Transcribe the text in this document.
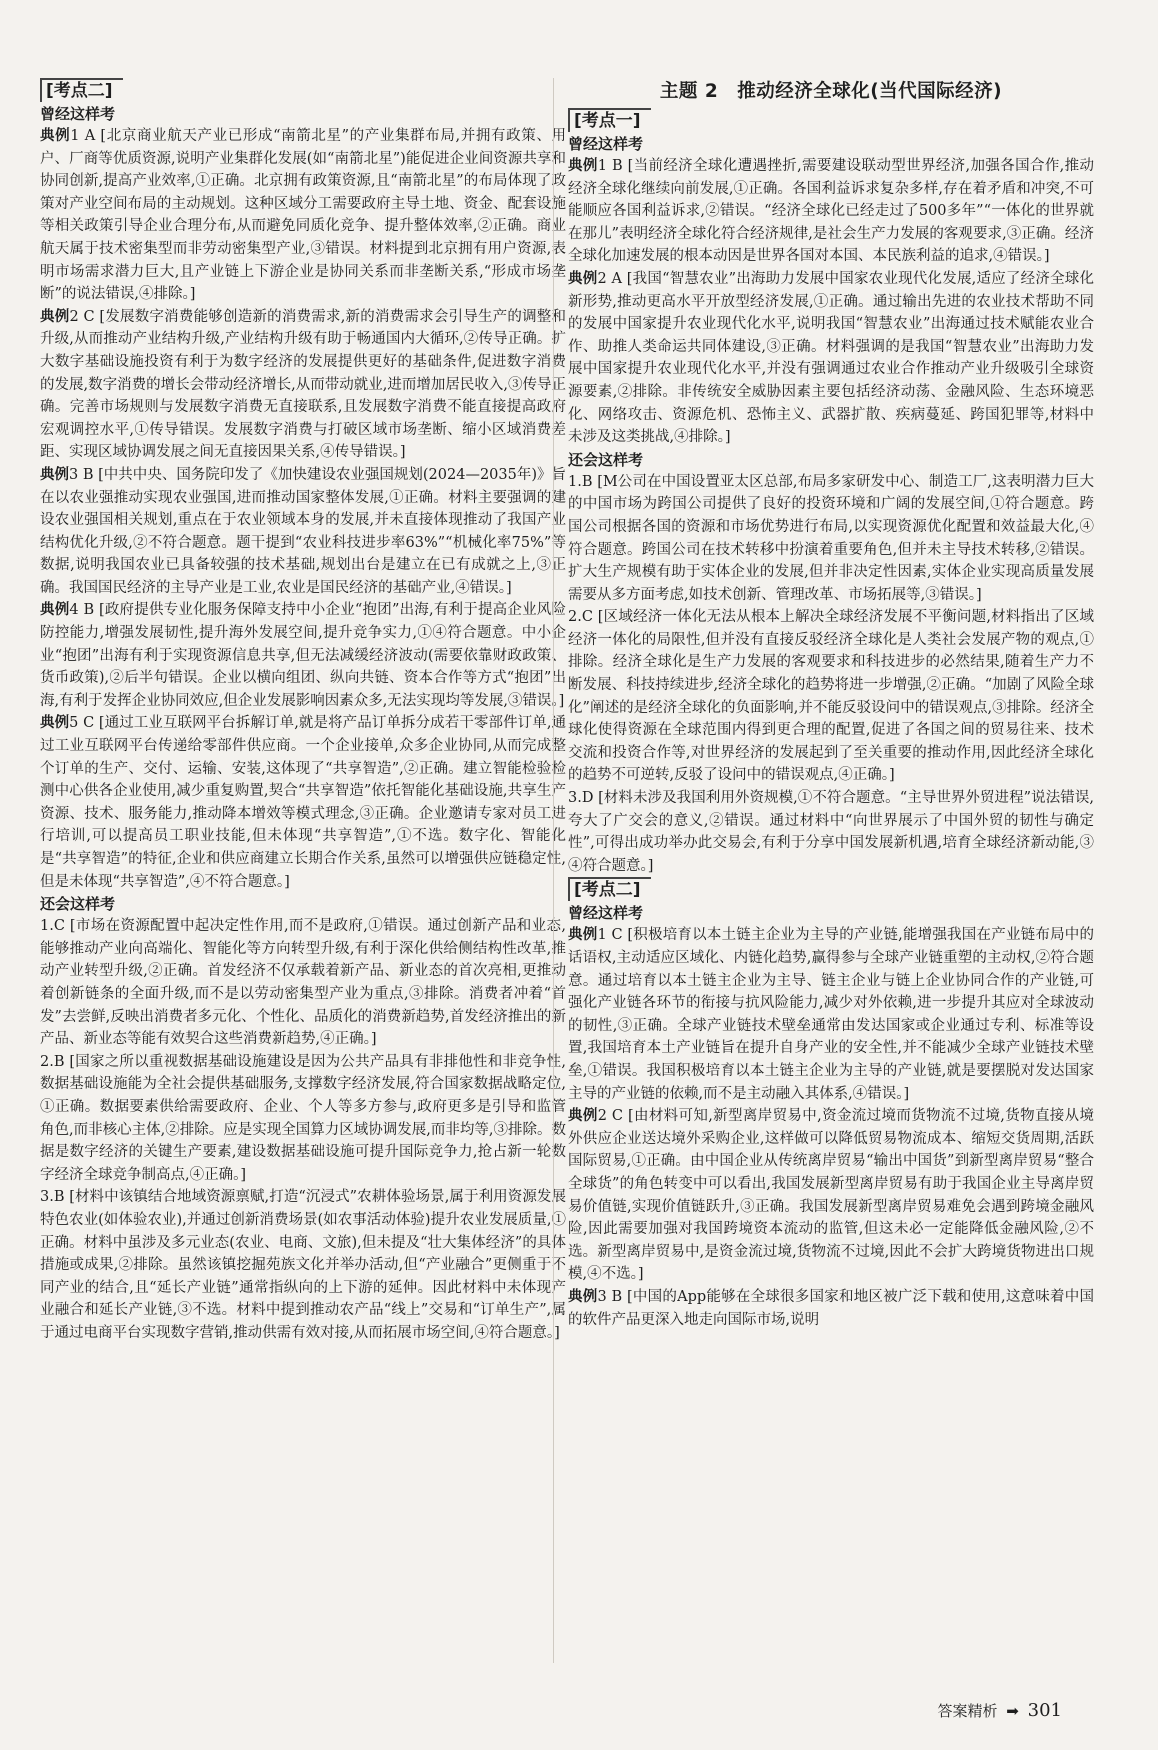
[考点二]

曾经这样考

典例1 A [北京商业航天产业已形成“南箭北星”的产业集群布局,并拥有政策、用户、厂商等优质资源,说明产业集群化发展(如“南箭北星”)能促进企业间资源共享和协同创新,提高产业效率,①正确。北京拥有政策资源,且“南箭北星”的布局体现了政策对产业空间布局的主动规划。这种区域分工需要政府主导土地、资金、配套设施等相关政策引导企业合理分布,从而避免同质化竞争、提升整体效率,②正确。商业航天属于技术密集型而非劳动密集型产业,③错误。材料提到北京拥有用户资源,表明市场需求潜力巨大,且产业链上下游企业是协同关系而非垄断关系,“形成市场垄断”的说法错误,④排除。]

典例2 C [发展数字消费能够创造新的消费需求,新的消费需求会引导生产的调整和升级,从而推动产业结构升级,产业结构升级有助于畅通国内大循环,②传导正确。扩大数字基础设施投资有利于为数字经济的发展提供更好的基础条件,促进数字消费的发展,数字消费的增长会带动经济增长,从而带动就业,进而增加居民收入,③传导正确。完善市场规则与发展数字消费无直接联系,且发展数字消费不能直接提高政府宏观调控水平,①传导错误。发展数字消费与打破区域市场垄断、缩小区域消费差距、实现区域协调发展之间无直接因果关系,④传导错误。]

典例3 B [中共中央、国务院印发了《加快建设农业强国规划(2024—2035年)》旨在以农业强推动实现农业强国,进而推动国家整体发展,①正确。材料主要强调的建设农业强国相关规划,重点在于农业领域本身的发展,并未直接体现推动了我国产业结构优化升级,②不符合题意。题干提到“农业科技进步率63%”“机械化率75%”等数据,说明我国农业已具备较强的技术基础,规划出台是建立在已有成就之上,③正确。我国国民经济的主导产业是工业,农业是国民经济的基础产业,④错误。]

典例4 B [政府提供专业化服务保障支持中小企业“抱团”出海,有利于提高企业风险防控能力,增强发展韧性,提升海外发展空间,提升竞争实力,①④符合题意。中小企业“抱团”出海有利于实现资源信息共享,但无法减缓经济波动(需要依靠财政政策、货币政策),②后半句错误。企业以横向组团、纵向共链、资本合作等方式“抱团”出海,有利于发挥企业协同效应,但企业发展影响因素众多,无法实现均等发展,③错误。]

典例5 C [通过工业互联网平台拆解订单,就是将产品订单拆分成若干零部件订单,通过工业互联网平台传递给零部件供应商。一个企业接单,众多企业协同,从而完成整个订单的生产、交付、运输、安装,这体现了“共享智造”,②正确。建立智能检验检测中心供各企业使用,减少重复购置,契合“共享智造”依托智能化基础设施,共享生产资源、技术、服务能力,推动降本增效等模式理念,③正确。企业邀请专家对员工进行培训,可以提高员工职业技能,但未体现“共享智造”,①不选。数字化、智能化是“共享智造”的特征,企业和供应商建立长期合作关系,虽然可以增强供应链稳定性,但是未体现“共享智造”,④不符合题意。]

还会这样考

1.C [市场在资源配置中起决定性作用,而不是政府,①错误。通过创新产品和业态,能够推动产业向高端化、智能化等方向转型升级,有利于深化供给侧结构性改革,推动产业转型升级,②正确。首发经济不仅承载着新产品、新业态的首次亮相,更推动着创新链条的全面升级,而不是以劳动密集型产业为重点,③排除。消费者冲着“首发”去尝鲜,反映出消费者多元化、个性化、品质化的消费新趋势,首发经济推出的新产品、新业态等能有效契合这些消费新趋势,④正确。]

2.B [国家之所以重视数据基础设施建设是因为公共产品具有非排他性和非竞争性,数据基础设施能为全社会提供基础服务,支撑数字经济发展,符合国家数据战略定位,①正确。数据要素供给需要政府、企业、个人等多方参与,政府更多是引导和监管角色,而非核心主体,②排除。应是实现全国算力区域协调发展,而非均等,③排除。数据是数字经济的关键生产要素,建设数据基础设施可提升国际竞争力,抢占新一轮数字经济全球竞争制高点,④正确。]

3.B [材料中该镇结合地域资源禀赋,打造“沉浸式”农耕体验场景,属于利用资源发展特色农业(如体验农业),并通过创新消费场景(如农事活动体验)提升农业发展质量,①正确。材料中虽涉及多元业态(农业、电商、文旅),但未提及“壮大集体经济”的具体措施或成果,②排除。虽然该镇挖掘苑族文化并举办活动,但“产业融合”更侧重于不同产业的结合,且“延长产业链”通常指纵向的上下游的延伸。因此材料中未体现产业融合和延长产业链,③不选。材料中提到推动农产品“线上”交易和“订单生产”,属于通过电商平台实现数字营销,推动供需有效对接,从而拓展市场空间,④符合题意。]

主题 2　推动经济全球化(当代国际经济)
[考点一]

曾经这样考

典例1 B [当前经济全球化遭遇挫折,需要建设联动型世界经济,加强各国合作,推动经济全球化继续向前发展,①正确。各国利益诉求复杂多样,存在着矛盾和冲突,不可能顺应各国利益诉求,②错误。“经济全球化已经走过了500多年”“一体化的世界就在那儿”表明经济全球化符合经济规律,是社会生产力发展的客观要求,③正确。经济全球化加速发展的根本动因是世界各国对本国、本民族利益的追求,④错误。]

典例2 A [我国“智慧农业”出海助力发展中国家农业现代化发展,适应了经济全球化新形势,推动更高水平开放型经济发展,①正确。通过输出先进的农业技术帮助不同的发展中国家提升农业现代化水平,说明我国“智慧农业”出海通过技术赋能农业合作、助推人类命运共同体建设,③正确。材料强调的是我国“智慧农业”出海助力发展中国家提升农业现代化水平,并没有强调通过农业合作推动产业升级吸引全球资源要素,②排除。非传统安全威胁因素主要包括经济动荡、金融风险、生态环境恶化、网络攻击、资源危机、恐怖主义、武器扩散、疾病蔓延、跨国犯罪等,材料中未涉及这类挑战,④排除。]

还会这样考

1.B [M公司在中国设置亚太区总部,布局多家研发中心、制造工厂,这表明潜力巨大的中国市场为跨国公司提供了良好的投资环境和广阔的发展空间,①符合题意。跨国公司根据各国的资源和市场优势进行布局,以实现资源优化配置和效益最大化,④符合题意。跨国公司在技术转移中扮演着重要角色,但并未主导技术转移,②错误。扩大生产规模有助于实体企业的发展,但并非决定性因素,实体企业实现高质量发展需要从多方面考虑,如技术创新、管理改革、市场拓展等,③错误。]

2.C [区域经济一体化无法从根本上解决全球经济发展不平衡问题,材料指出了区域经济一体化的局限性,但并没有直接反驳经济全球化是人类社会发展产物的观点,①排除。经济全球化是生产力发展的客观要求和科技进步的必然结果,随着生产力不断发展、科技持续进步,经济全球化的趋势将进一步增强,②正确。“加剧了风险全球化”阐述的是经济全球化的负面影响,并不能反驳设问中的错误观点,③排除。经济全球化使得资源在全球范围内得到更合理的配置,促进了各国之间的贸易往来、技术交流和投资合作等,对世界经济的发展起到了至关重要的推动作用,因此经济全球化的趋势不可逆转,反驳了设问中的错误观点,④正确。]

3.D [材料未涉及我国利用外资规模,①不符合题意。“主导世界外贸进程”说法错误,夸大了广交会的意义,②错误。通过材料中“向世界展示了中国外贸的韧性与确定性”,可得出成功举办此交易会,有利于分享中国发展新机遇,培育全球经济新动能,③④符合题意。]

[考点二]

曾经这样考

典例1 C [积极培育以本土链主企业为主导的产业链,能增强我国在产业链布局中的话语权,主动适应区域化、内链化趋势,赢得参与全球产业链重塑的主动权,②符合题意。通过培育以本土链主企业为主导、链主企业与链上企业协同合作的产业链,可强化产业链各环节的衔接与抗风险能力,减少对外依赖,进一步提升其应对全球波动的韧性,③正确。全球产业链技术壁垒通常由发达国家或企业通过专利、标准等设置,我国培育本土产业链旨在提升自身产业的安全性,并不能减少全球产业链技术壁垒,①错误。我国积极培育以本土链主企业为主导的产业链,就是要摆脱对发达国家主导的产业链的依赖,而不是主动融入其体系,④错误。]

典例2 C [由材料可知,新型离岸贸易中,资金流过境而货物流不过境,货物直接从境外供应企业送达境外采购企业,这样做可以降低贸易物流成本、缩短交货周期,活跃国际贸易,①正确。由中国企业从传统离岸贸易“输出中国货”到新型离岸贸易“整合全球货”的角色转变中可以看出,我国发展新型离岸贸易有助于我国企业主导离岸贸易价值链,实现价值链跃升,③正确。我国发展新型离岸贸易难免会遇到跨境金融风险,因此需要加强对我国跨境资本流动的监管,但这未必一定能降低金融风险,②不选。新型离岸贸易中,是资金流过境,货物流不过境,因此不会扩大跨境货物进出口规模,④不选。]

典例3 B [中国的App能够在全球很多国家和地区被广泛下载和使用,这意味着中国的软件产品更深入地走向国际市场,说明

答案精析 ➡ 301
